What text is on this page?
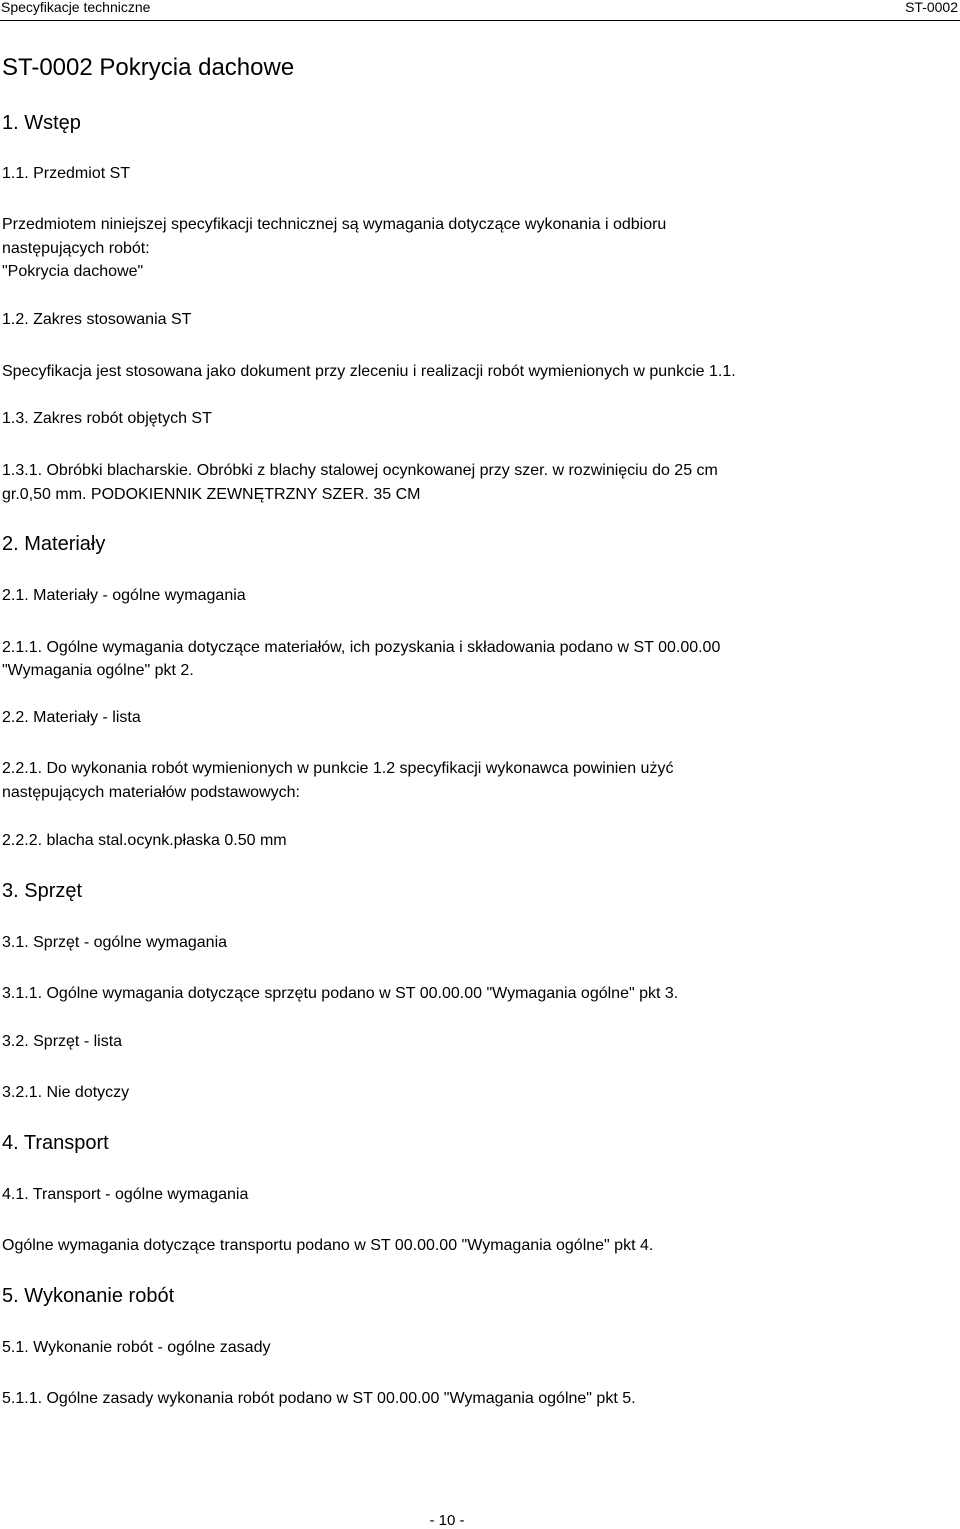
Specyfikacje techniczne	ST-0002
ST-0002 Pokrycia dachowe
1. Wstęp
1.1. Przedmiot ST
Przedmiotem niniejszej specyfikacji technicznej są wymagania dotyczące wykonania i odbioru
następujących robót:
"Pokrycia dachowe"
1.2. Zakres stosowania ST
Specyfikacja jest stosowana jako dokument przy zleceniu i realizacji robót wymienionych w punkcie 1.1.
1.3. Zakres robót objętych ST
1.3.1. Obróbki blacharskie. Obróbki z blachy stalowej ocynkowanej przy szer. w rozwinięciu do 25 cm
gr.0,50 mm. PODOKIENNIK ZEWNĘTRZNY SZER. 35 CM
2. Materiały
2.1. Materiały - ogólne wymagania
2.1.1. Ogólne wymagania dotyczące materiałów, ich pozyskania i składowania podano w ST 00.00.00
"Wymagania ogólne" pkt 2.
2.2. Materiały - lista
2.2.1. Do wykonania robót wymienionych w punkcie 1.2 specyfikacji wykonawca powinien użyć
następujących materiałów podstawowych:
2.2.2. blacha stal.ocynk.płaska 0.50 mm
3. Sprzęt
3.1. Sprzęt - ogólne wymagania
3.1.1. Ogólne wymagania dotyczące sprzętu podano w ST 00.00.00 "Wymagania ogólne" pkt 3.
3.2. Sprzęt - lista
3.2.1. Nie dotyczy
4. Transport
4.1. Transport - ogólne wymagania
Ogólne wymagania dotyczące transportu podano w ST 00.00.00 "Wymagania ogólne" pkt 4.
5. Wykonanie robót
5.1. Wykonanie robót - ogólne zasady
5.1.1. Ogólne zasady wykonania robót podano w ST 00.00.00 "Wymagania ogólne" pkt 5.
- 10 -
